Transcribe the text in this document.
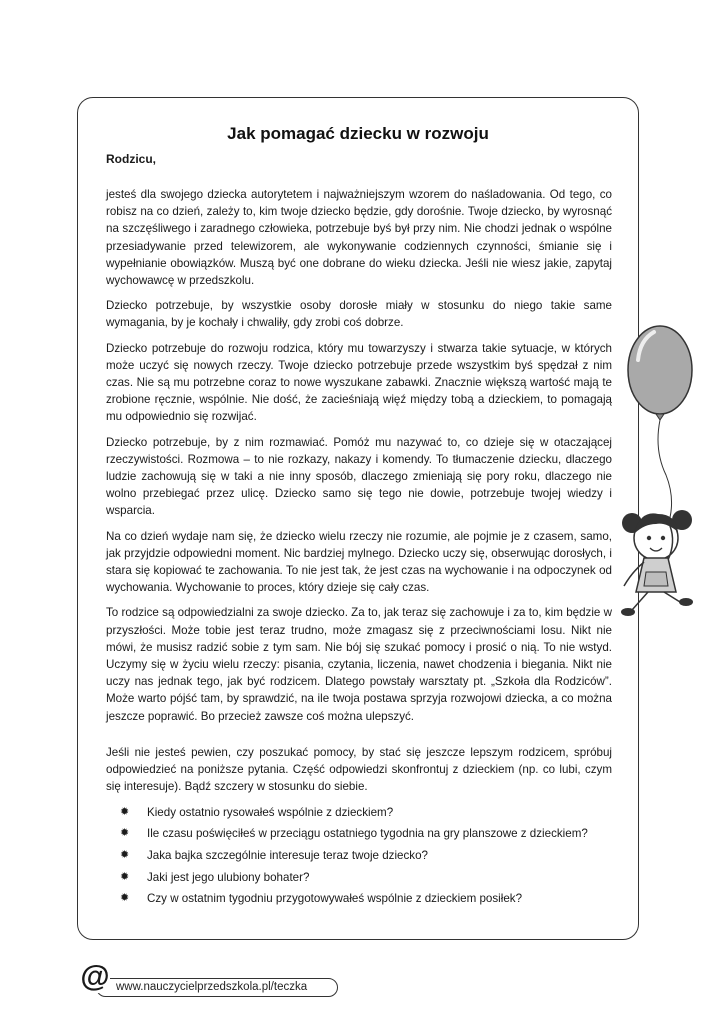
Jak pomagać dziecku w rozwoju
Rodzicu,

jesteś dla swojego dziecka autorytetem i najważniejszym wzorem do naśladowania. Od tego, co robisz na co dzień, zależy to, kim twoje dziecko będzie, gdy dorośnie. Twoje dziecko, by wyrosnąć na szczęśliwego i zaradnego człowieka, potrzebuje byś był przy nim. Nie chodzi jednak o wspólne przesiadywanie przed telewizorem, ale wykonywanie codziennych czynności, śmianie się i wypełnianie obowiązków. Muszą być one dobrane do wieku dziecka. Jeśli nie wiesz jakie, zapytaj wychowawcę w przedszkolu.

Dziecko potrzebuje, by wszystkie osoby dorosłe miały w stosunku do niego takie same wymagania, by je kochały i chwaliły, gdy zrobi coś dobrze.

Dziecko potrzebuje do rozwoju rodzica, który mu towarzyszy i stwarza takie sytuacje, w których może uczyć się nowych rzeczy. Twoje dziecko potrzebuje przede wszystkim byś spędzał z nim czas. Nie są mu potrzebne coraz to nowe wyszukane zabawki. Znacznie większą wartość mają te zrobione ręcznie, wspólnie. Nie dość, że zacieśniają więź między tobą a dzieckiem, to pomagają mu odpowiednio się rozwijać.

Dziecko potrzebuje, by z nim rozmawiać. Pomóż mu nazywać to, co dzieje się w otaczającej rzeczywistości. Rozmowa – to nie rozkazy, nakazy i komendy. To tłumaczenie dziecku, dlaczego ludzie zachowują się w taki a nie inny sposób, dlaczego zmieniają się pory roku, dlaczego nie wolno przebiegać przez ulicę. Dziecko samo się tego nie dowie, potrzebuje twojej wiedzy i wsparcia.

Na co dzień wydaje nam się, że dziecko wielu rzeczy nie rozumie, ale pojmie je z czasem, samo, jak przyjdzie odpowiedni moment. Nic bardziej mylnego. Dziecko uczy się, obserwując dorosłych, i stara się kopiować te zachowania. To nie jest tak, że jest czas na wychowanie i na odpoczynek od wychowania. Wychowanie to proces, który dzieje się cały czas.

To rodzice są odpowiedzialni za swoje dziecko. Za to, jak teraz się zachowuje i za to, kim będzie w przyszłości. Może tobie jest teraz trudno, może zmagasz się z przeciwnościami losu. Nikt nie mówi, że musisz radzić sobie z tym sam. Nie bój się szukać pomocy i prosić o nią. To nie wstyd. Uczymy się w życiu wielu rzeczy: pisania, czytania, liczenia, nawet chodzenia i biegania. Nikt nie uczy nas jednak tego, jak być rodzicem. Dlatego powstały warsztaty pt. „Szkoła dla Rodziców”. Może warto pójść tam, by sprawdzić, na ile twoja postawa sprzyja rozwojowi dziecka, a co można jeszcze poprawić. Bo przecież zawsze coś można ulepszyć.

Jeśli nie jesteś pewien, czy poszukać pomocy, by stać się jeszcze lepszym rodzicem, spróbuj odpowiedzieć na poniższe pytania. Część odpowiedzi skonfrontuj z dzieckiem (np. co lubi, czym się interesuje). Bądź szczery w stosunku do siebie.

✹	Kiedy ostatnio rysowałeś wspólnie z dzieckiem?
✹	Ile czasu poświęciłeś w przeciągu ostatniego tygodnia na gry planszowe z dzieckiem?
✹	Jaka bajka szczególnie interesuje teraz twoje dziecko?
✹	Jaki jest jego ulubiony bohater?
✹	Czy w ostatnim tygodniu przygotowywałeś wspólnie z dzieckiem posiłek?
@ www.nauczycielprzedszkola.pl/teczka
